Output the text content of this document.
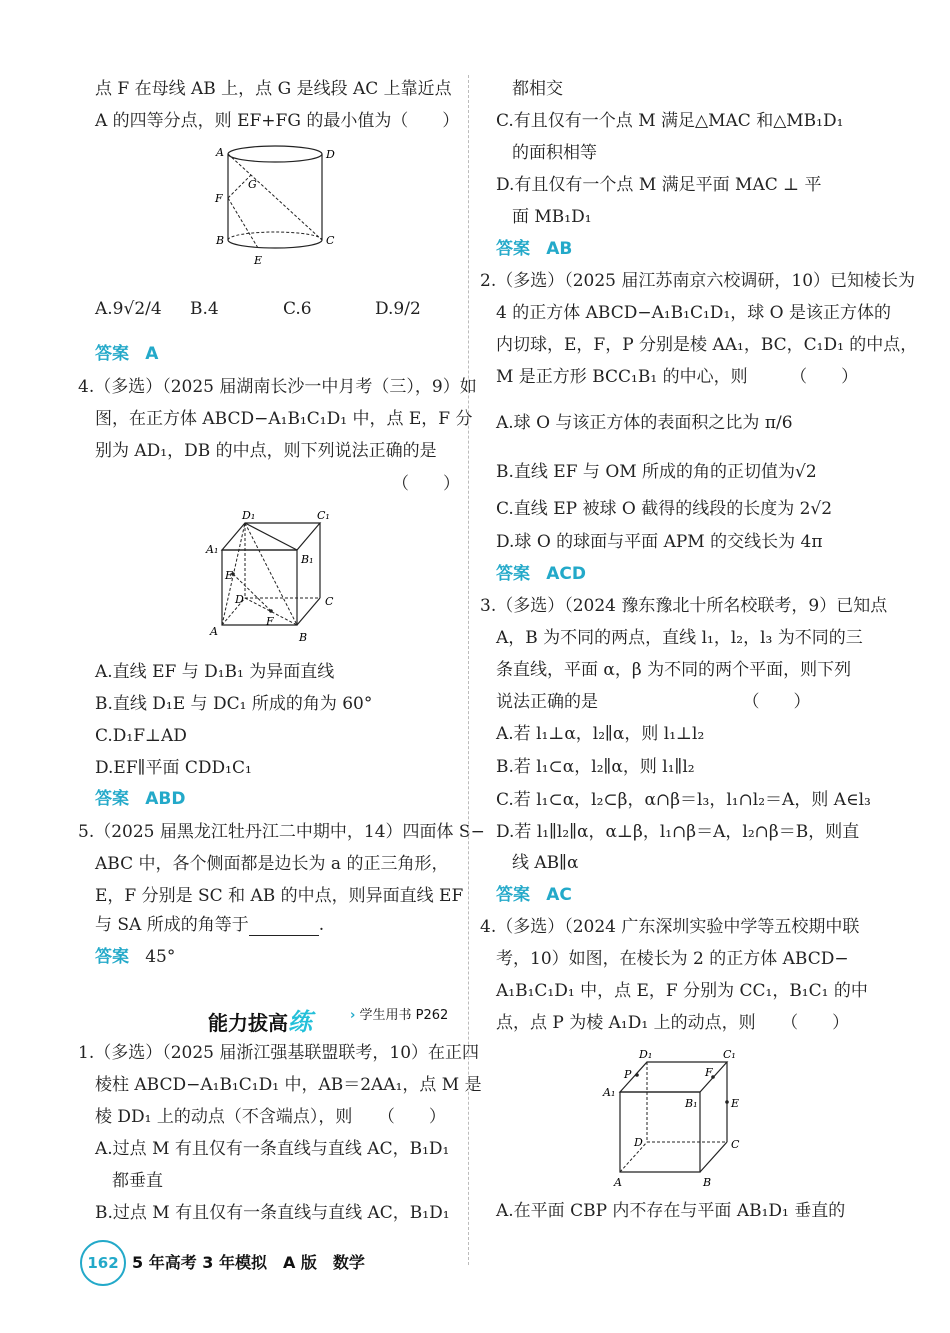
点 F 在母线 AB 上，点 G 是线段 AC 上靠近点
A 的四等分点，则 EF+FG 的最小值为（　　）
A	D
G
F
B	C
E
A.9√2/4 B.4	C.6	D.9/2
答案 A
4.（多选）（2025 届湖南长沙一中月考（三），9）如
图，在正方体 ABCD−A₁B₁C₁D₁ 中，点 E，F 分
别为 AD₁，DB 的中点，则下列说法正确的是
（　　）
D₁	C₁
A₁
B₁
E
D	C
F
A	B
A.直线 EF 与 D₁B₁ 为异面直线
B.直线 D₁E 与 DC₁ 所成的角为 60°
C.D₁F⊥AD
D.EF∥平面 CDD₁C₁
答案 ABD
5.（2025 届黑龙江牡丹江二中期中，14）四面体 S−
ABC 中，各个侧面都是边长为 a 的正三角形，
E，F 分别是 SC 和 AB 的中点，则异面直线 EF
与 SA 所成的角等于	.
答案 45°
能力拔高练	› 学生用书 P262
1.（多选）（2025 届浙江强基联盟联考，10）在正四
棱柱 ABCD−A₁B₁C₁D₁ 中，AB＝2AA₁，点 M 是
棱 DD₁ 上的动点（不含端点），则　　（　　）
A.过点 M 有且仅有一条直线与直线 AC，B₁D₁
都垂直
B.过点 M 有且仅有一条直线与直线 AC，B₁D₁
162 5 年高考 3 年模拟　A 版　数学
都相交
C.有且仅有一个点 M 满足△MAC 和△MB₁D₁
的面积相等
D.有且仅有一个点 M 满足平面 MAC ⊥ 平
面 MB₁D₁
答案 AB
2.（多选）（2025 届江苏南京六校调研，10）已知棱长为
4 的正方体 ABCD−A₁B₁C₁D₁，球 O 是该正方体的
内切球，E，F，P 分别是棱 AA₁，BC，C₁D₁ 的中点，
M 是正方形 BCC₁B₁ 的中心，则　　　（　　）
A.球 O 与该正方体的表面积之比为 π/6
B.直线 EF 与 OM 所成的角的正切值为√2
C.直线 EP 被球 O 截得的线段的长度为 2√2
D.球 O 的球面与平面 APM 的交线长为 4π
答案 ACD
3.（多选）（2024 豫东豫北十所名校联考，9）已知点
A，B 为不同的两点，直线 l₁，l₂，l₃ 为不同的三
条直线，平面 α，β 为不同的两个平面，则下列
说法正确的是　　　　　　　　　（　　）
A.若 l₁⊥α，l₂∥α，则 l₁⊥l₂
B.若 l₁⊂α，l₂∥α，则 l₁∥l₂
C.若 l₁⊂α，l₂⊂β，α∩β＝l₃，l₁∩l₂＝A，则 A∈l₃
D.若 l₁∥l₂∥α，α⊥β，l₁∩β＝A，l₂∩β＝B，则直
线 AB∥α
答案 AC
4.（多选）（2024 广东深圳实验中学等五校期中联
考，10）如图，在棱长为 2 的正方体 ABCD−
A₁B₁C₁D₁ 中，点 E，F 分别为 CC₁，B₁C₁ 的中
点，点 P 为棱 A₁D₁ 上的动点，则　　（　　）
D₁	C₁
P	F
A₁
B₁	E
D	C
A	B
A.在平面 CBP 内不存在与平面 AB₁D₁ 垂直的
